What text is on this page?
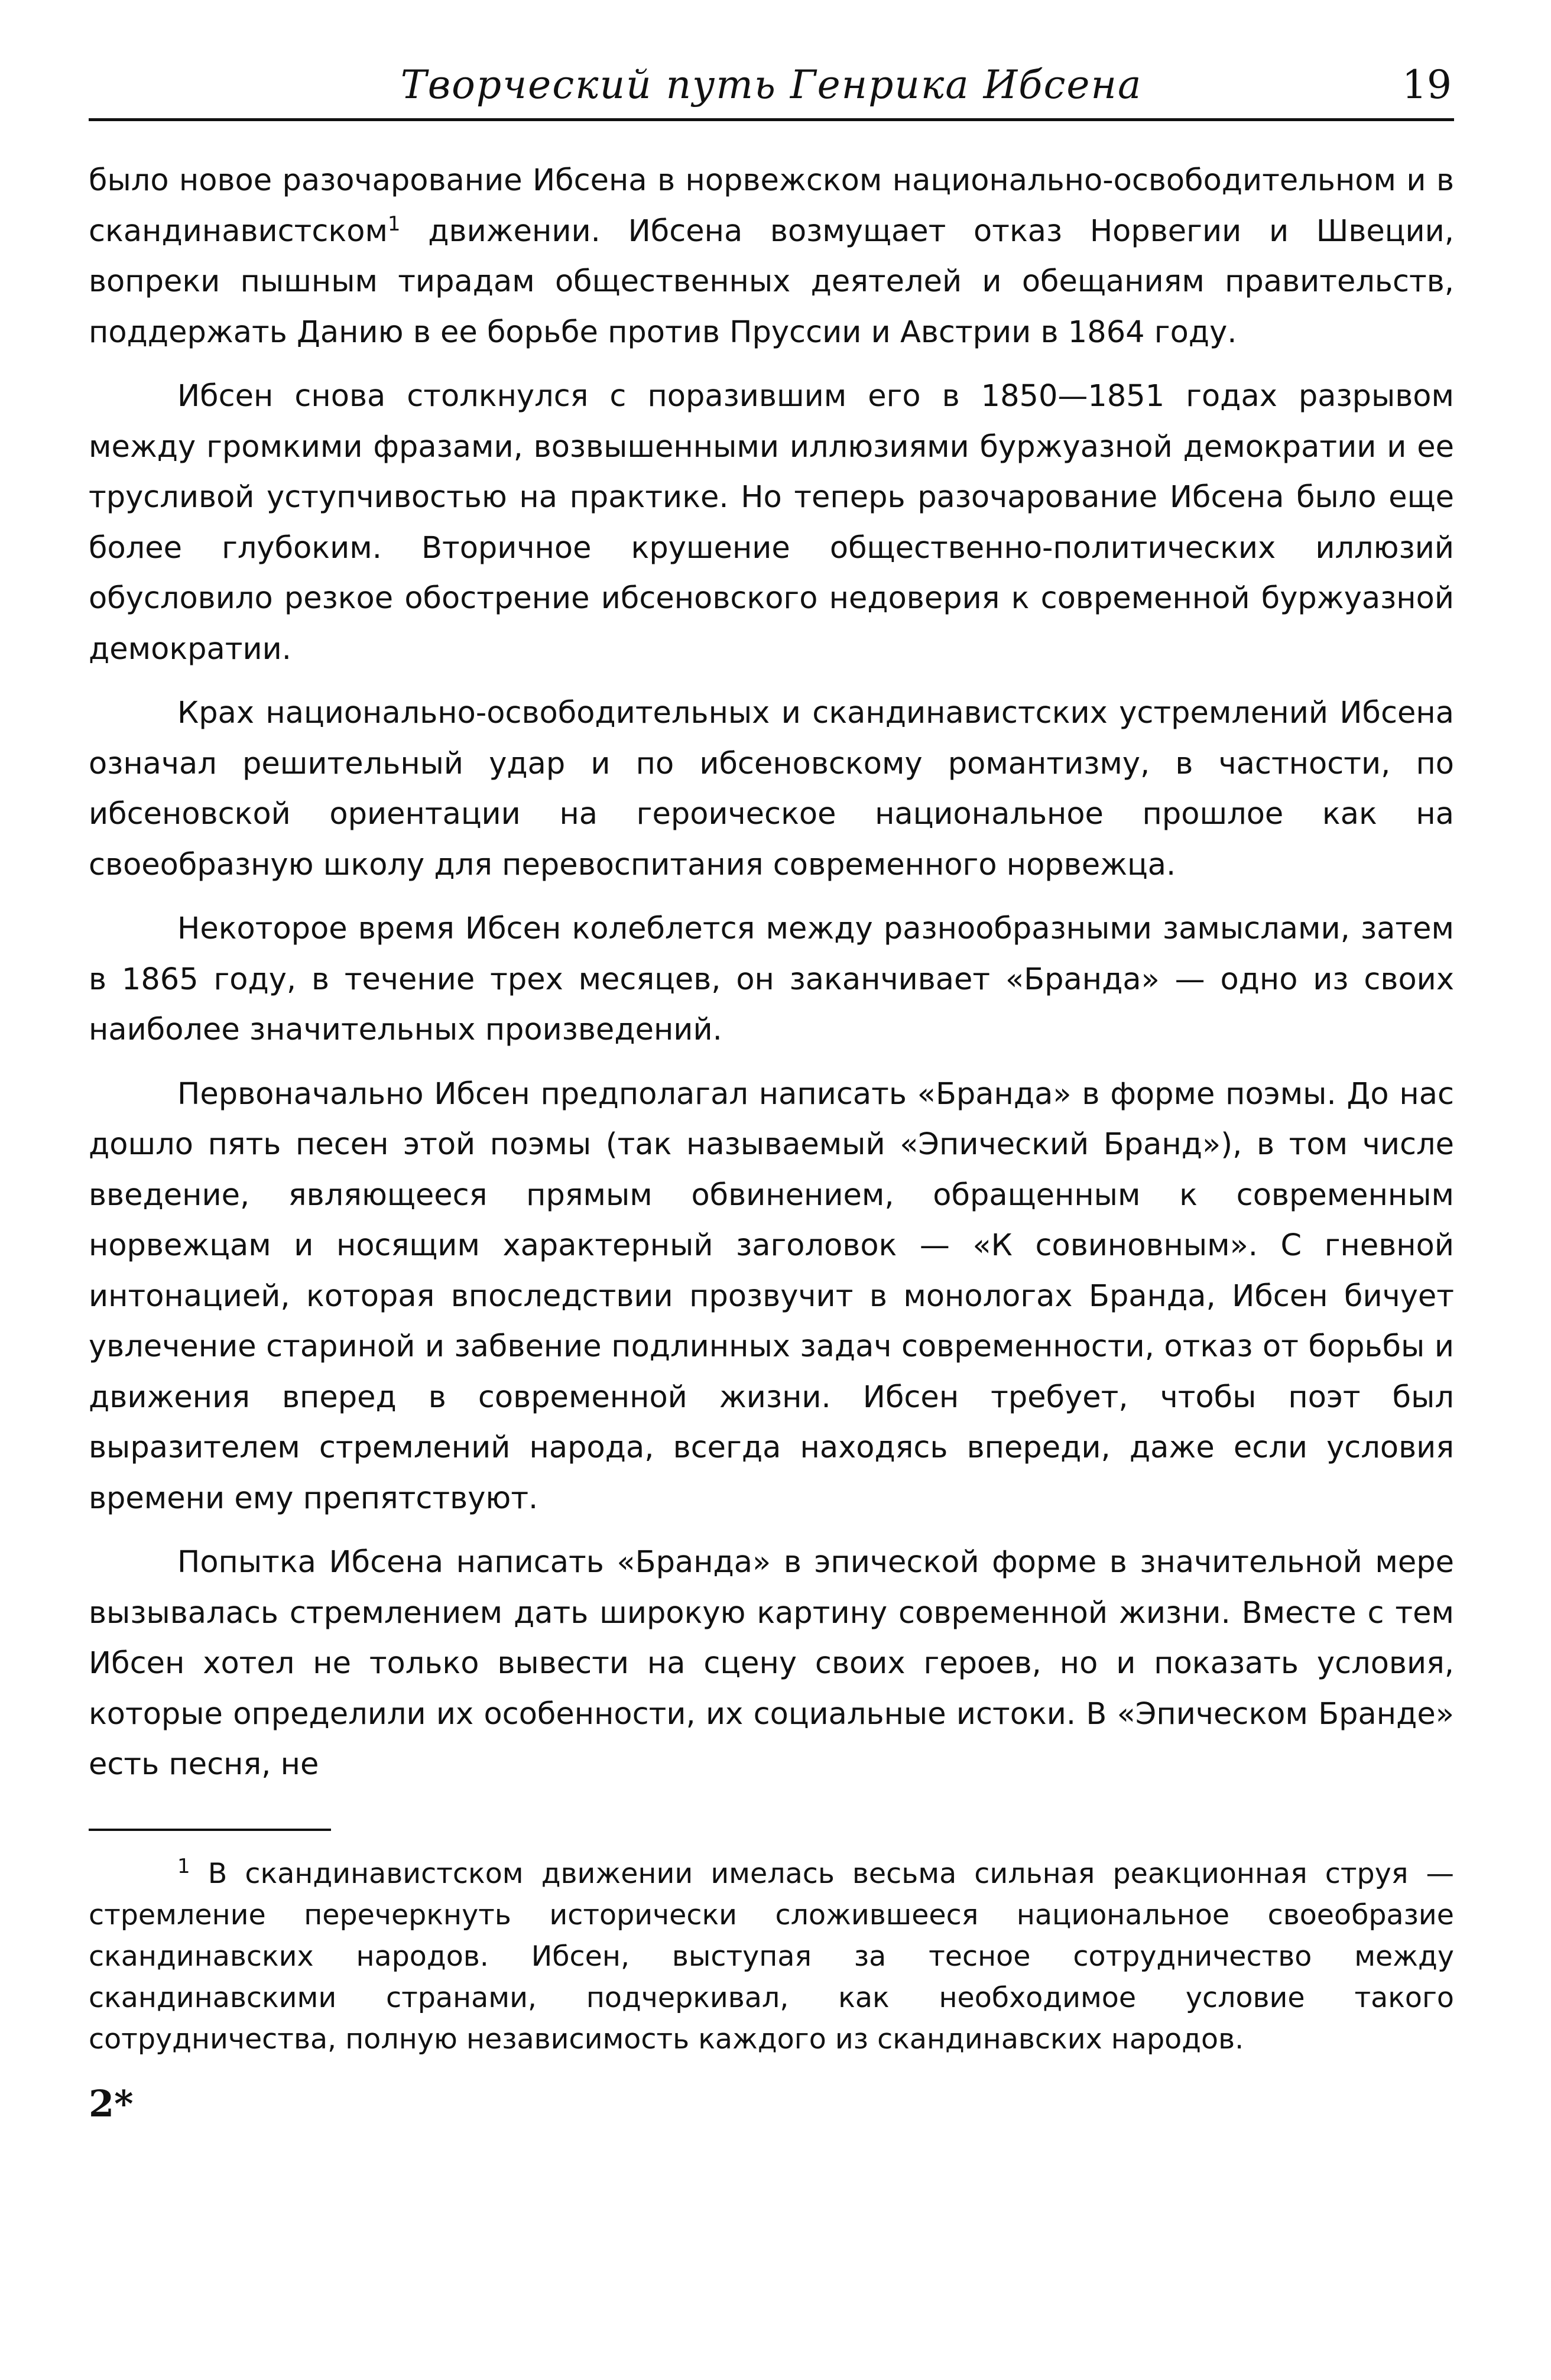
Творческий путь Генрика Ибсена	19

было новое разочарование Ибсена в норвежском национально-освободительном и в скандинавистском$^1$ движении. Ибсена возмущает отказ Норвегии и Швеции, вопреки пышным тирадам общественных деятелей и обещаниям правительств, поддержать Данию в ее борьбе против Пруссии и Австрии в 1864 году.

Ибсен снова столкнулся с поразившим его в 1850—1851 годах разрывом между громкими фразами, возвышенными иллюзиями буржуазной демократии и ее трусливой уступчивостью на практике. Но теперь разочарование Ибсена было еще более глубоким. Вторичное крушение общественно-политических иллюзий обусловило резкое обострение ибсеновского недоверия к современной буржуазной демократии.

Крах национально-освободительных и скандинавистских устремлений Ибсена означал решительный удар и по ибсеновскому романтизму, в частности, по ибсеновской ориентации на героическое национальное прошлое как на своеобразную школу для перевоспитания современного норвежца.

Некоторое время Ибсен колеблется между разнообразными замыслами, затем в 1865 году, в течение трех месяцев, он заканчивает «Бранда» — одно из своих наиболее значительных произведений.

Первоначально Ибсен предполагал написать «Бранда» в форме поэмы. До нас дошло пять песен этой поэмы (так называемый «Эпический Бранд»), в том числе введение, являющееся прямым обвинением, обращенным к современным норвежцам и носящим характерный заголовок — «К совиновным». С гневной интонацией, которая впоследствии прозвучит в монологах Бранда, Ибсен бичует увлечение стариной и забвение подлинных задач современности, отказ от борьбы и движения вперед в современной жизни. Ибсен требует, чтобы поэт был выразителем стремлений народа, всегда находясь впереди, даже если условия времени ему препятствуют.

Попытка Ибсена написать «Бранда» в эпической форме в значительной мере вызывалась стремлением дать широкую картину современной жизни. Вместе с тем Ибсен хотел не только вывести на сцену своих героев, но и показать условия, которые определили их особенности, их социальные истоки. В «Эпическом Бранде» есть песня, не

$^1$ В скандинавистском движении имелась весьма сильная реакционная струя — стремление перечеркнуть исторически сложившееся национальное своеобразие скандинавских народов. Ибсен, выступая за тесное сотрудничество между скандинавскими странами, подчеркивал, как необходимое условие такого сотрудничества, полную независимость каждого из скандинавских народов.
2*
